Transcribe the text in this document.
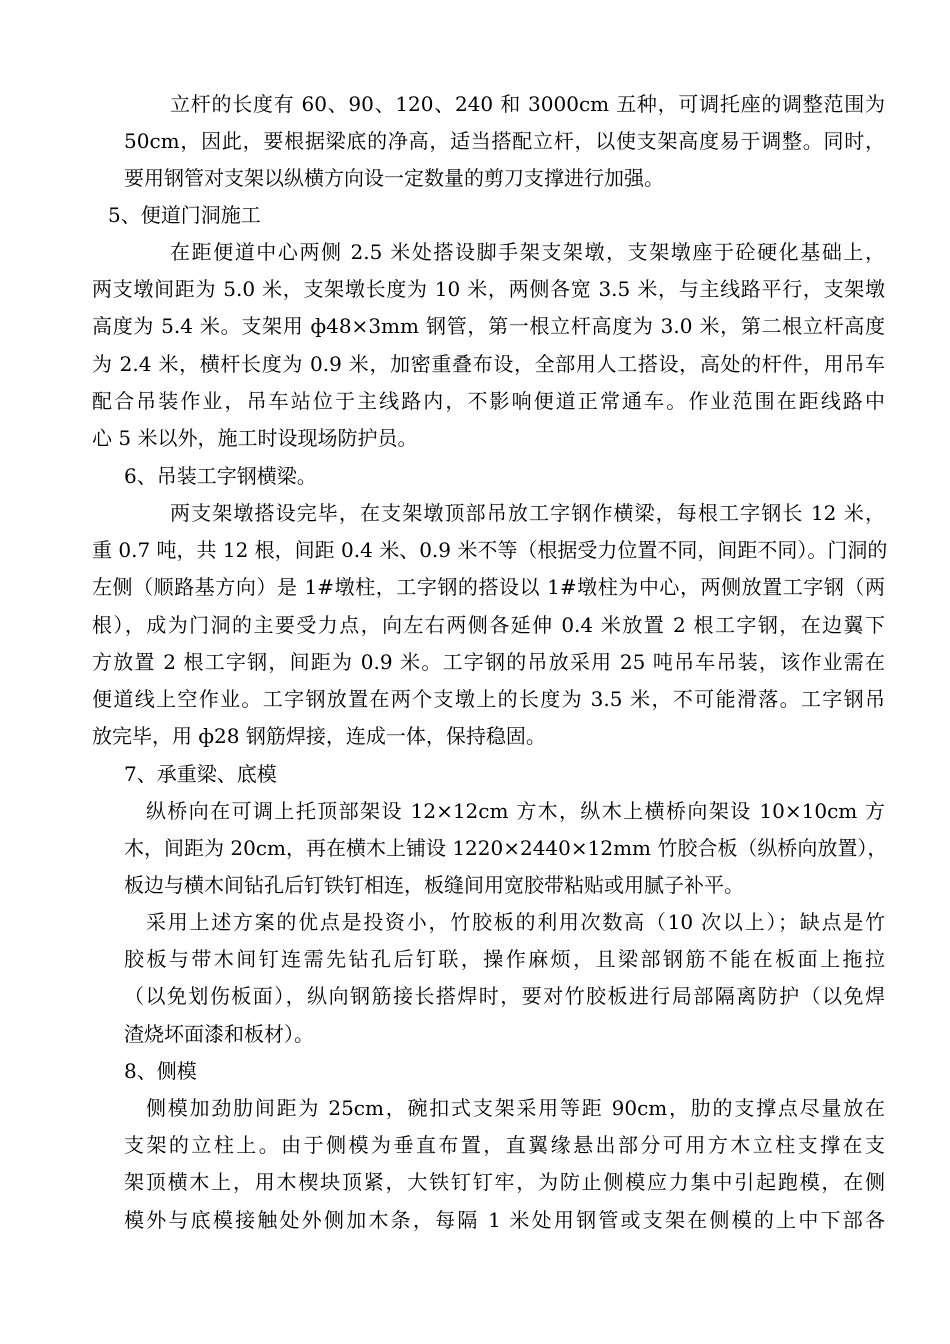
立杆的长度有 60、90、120、240 和 3000cm 五种，可调托座的调整范围为
50cm，因此，要根据梁底的净高，适当搭配立杆，以使支架高度易于调整。同时，
要用钢管对支架以纵横方向设一定数量的剪刀支撑进行加强。
5、便道门洞施工
在距便道中心两侧 2.5 米处搭设脚手架支架墩，支架墩座于砼硬化基础上，
两支墩间距为 5.0 米，支架墩长度为 10 米，两侧各宽 3.5 米，与主线路平行，支架墩
高度为 5.4 米。支架用 ф48×3mm 钢管，第一根立杆高度为 3.0 米，第二根立杆高度
为 2.4 米，横杆长度为 0.9 米，加密重叠布设，全部用人工搭设，高处的杆件，用吊车
配合吊装作业，吊车站位于主线路内，不影响便道正常通车。作业范围在距线路中
心 5 米以外，施工时设现场防护员。
6、吊装工字钢横梁。
两支架墩搭设完毕，在支架墩顶部吊放工字钢作横梁，每根工字钢长 12 米，
重 0.7 吨，共 12 根，间距 0.4 米、0.9 米不等（根据受力位置不同，间距不同）。门洞的
左侧（顺路基方向）是 1#墩柱，工字钢的搭设以 1#墩柱为中心，两侧放置工字钢（两
根），成为门洞的主要受力点，向左右两侧各延伸 0.4 米放置 2 根工字钢，在边翼下
方放置 2 根工字钢，间距为 0.9 米。工字钢的吊放采用 25 吨吊车吊装，该作业需在
便道线上空作业。工字钢放置在两个支墩上的长度为 3.5 米，不可能滑落。工字钢吊
放完毕，用 ф28 钢筋焊接，连成一体，保持稳固。
7、承重梁、底模
纵桥向在可调上托顶部架设 12×12cm 方木，纵木上横桥向架设 10×10cm 方
木，间距为 20cm，再在横木上铺设 1220×2440×12mm 竹胶合板（纵桥向放置），
板边与横木间钻孔后钉铁钉相连，板缝间用宽胶带粘贴或用腻子补平。
采用上述方案的优点是投资小，竹胶板的利用次数高（10 次以上）；缺点是竹
胶板与带木间钉连需先钻孔后钉联，操作麻烦，且梁部钢筋不能在板面上拖拉
（以免划伤板面），纵向钢筋接长搭焊时，要对竹胶板进行局部隔离防护（以免焊
渣烧坏面漆和板材）。
8、侧模
侧模加劲肋间距为 25cm，碗扣式支架采用等距 90cm，肋的支撑点尽量放在
支架的立柱上。由于侧模为垂直布置，直翼缘悬出部分可用方木立柱支撑在支
架顶横木上，用木楔块顶紧，大铁钉钉牢，为防止侧模应力集中引起跑模，在侧
模外与底模接触处外侧加木条，每隔 1 米处用钢管或支架在侧模的上中下部各
